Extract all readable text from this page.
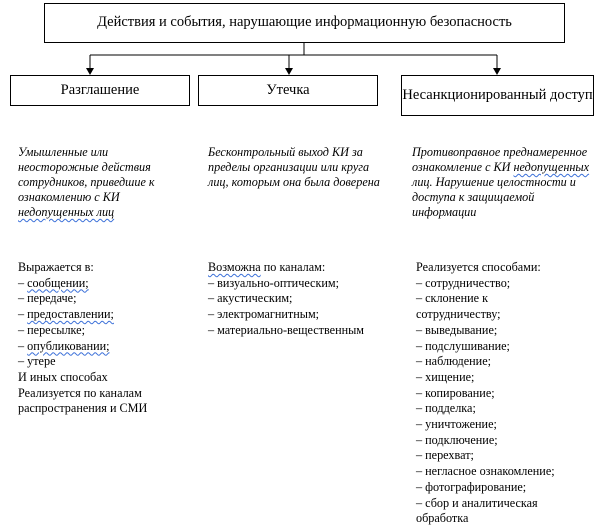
Действия и события, нарушающие информационную безопасность
Разглашение	Утечка	Несанкционированный доступ
Умышленные или неосторожные действия сотрудников, приведшие к ознакомлению с КИ недопущенных лиц
Бесконтрольный выход КИ за пределы организации или круга лиц, которым она была доверена
Противоправное преднамеренное ознакомление с КИ недопущенных лиц. Нарушение целостности и доступа к защищаемой информации
Выражается в:
– сообщении;
– передаче;
– предоставлении;
– пересылке;
– опубликовании;
– утере
И иных способах
Реализуется по каналам
распространения и СМИ
Возможна по каналам:
– визуально-оптическим;
– акустическим;
– электромагнитным;
– материально-вещественным
Реализуется способами:
– сотрудничество;
– склонение к
сотрудничеству;
– выведывание;
– подслушивание;
– наблюдение;
– хищение;
– копирование;
– подделка;
– уничтожение;
– подключение;
– перехват;
– негласное ознакомление;
– фотографирование;
– сбор и аналитическая
обработка
